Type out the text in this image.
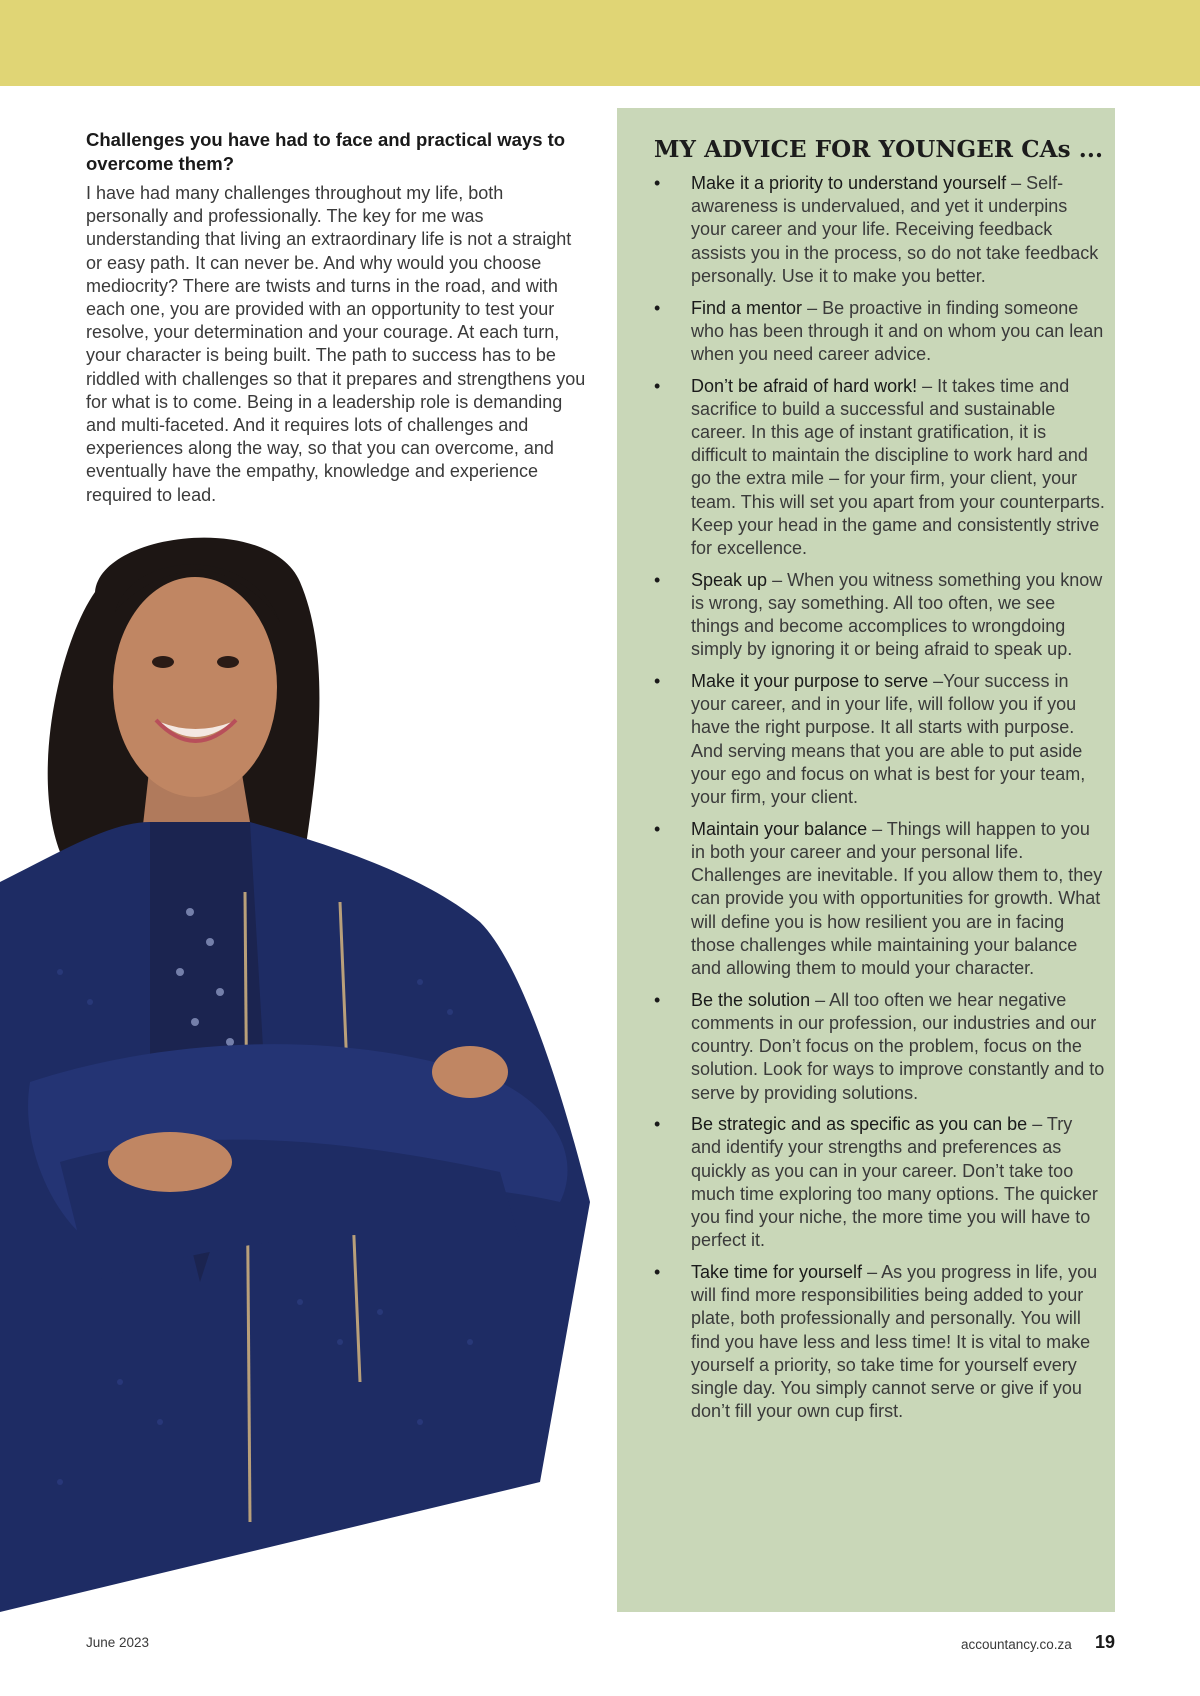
Challenges you have had to face and practical ways to overcome them?

I have had many challenges throughout my life, both personally and professionally. The key for me was understanding that living an extraordinary life is not a straight or easy path. It can never be. And why would you choose mediocrity? There are twists and turns in the road, and with each one, you are provided with an opportunity to test your resolve, your determination and your courage. At each turn, your character is being built. The path to success has to be riddled with challenges so that it prepares and strengthens you for what is to come. Being in a leadership role is demanding and multi-faceted. And it requires lots of challenges and experiences along the way, so that you can overcome, and eventually have the empathy, knowledge and experience required to lead.

MY ADVICE FOR YOUNGER CAs ...
• Make it a priority to understand yourself – Self-awareness is undervalued, and yet it underpins your career and your life. Receiving feedback assists you in the process, so do not take feedback personally. Use it to make you better.
• Find a mentor – Be proactive in finding someone who has been through it and on whom you can lean when you need career advice.
• Don’t be afraid of hard work! – It takes time and sacrifice to build a successful and sustainable career. In this age of instant gratification, it is difficult to maintain the discipline to work hard and go the extra mile – for your firm, your client, your team. This will set you apart from your counterparts. Keep your head in the game and consistently strive for excellence.
• Speak up – When you witness something you know is wrong, say something. All too often, we see things and become accomplices to wrongdoing simply by ignoring it or being afraid to speak up.
• Make it your purpose to serve –Your success in your career, and in your life, will follow you if you have the right purpose. It all starts with purpose. And serving means that you are able to put aside your ego and focus on what is best for your team, your firm, your client.
• Maintain your balance – Things will happen to you in both your career and your personal life. Challenges are inevitable. If you allow them to, they can provide you with opportunities for growth. What will define you is how resilient you are in facing those challenges while maintaining your balance and allowing them to mould your character.
• Be the solution – All too often we hear negative comments in our profession, our industries and our country. Don’t focus on the problem, focus on the solution. Look for ways to improve constantly and to serve by providing solutions.
• Be strategic and as specific as you can be – Try and identify your strengths and preferences as quickly as you can in your career. Don’t take too much time exploring too many options. The quicker you find your niche, the more time you will have to perfect it.
• Take time for yourself – As you progress in life, you will find more responsibilities being added to your plate, both professionally and personally. You will find you have less and less time! It is vital to make yourself a priority, so take time for yourself every single day. You simply cannot serve or give if you don’t fill your own cup first.
June 2023	accountancy.co.za 19
